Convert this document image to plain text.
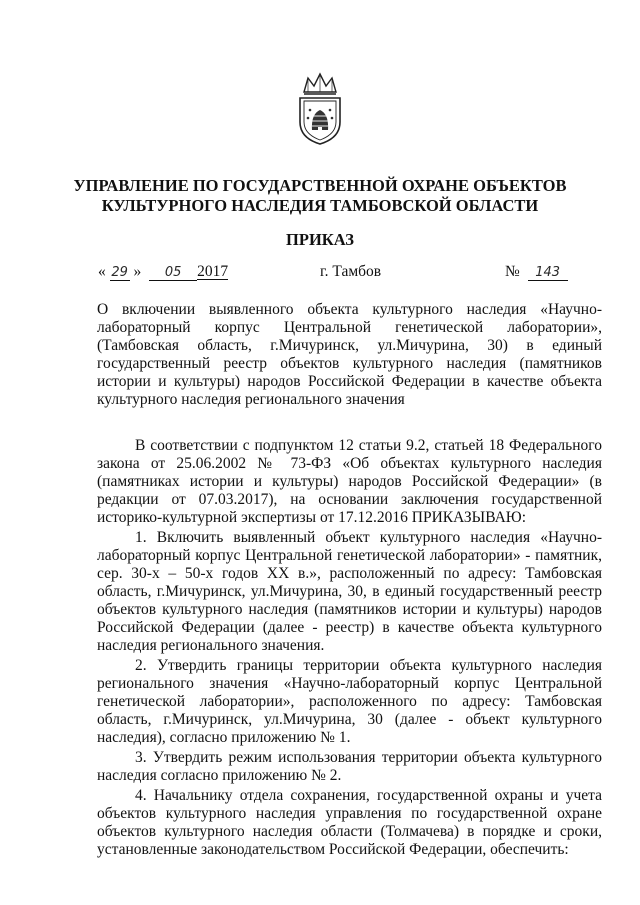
УПРАВЛЕНИЕ ПО ГОСУДАРСТВЕННОЙ ОХРАНЕ ОБЪЕКТОВ
КУЛЬТУРНОГО НАСЛЕДИЯ ТАМБОВСКОЙ ОБЛАСТИ
ПРИКАЗ
« 29 » 05 2017	г. Тамбов	№ 143

О включении выявленного объекта культурного наследия «Научно-лабораторный корпус Центральной генетической лаборатории», (Тамбовская область, г.Мичуринск, ул.Мичурина, 30) в единый государственный реестр объектов культурного наследия (памятников истории и культуры) народов Российской Федерации в качестве объекта культурного наследия регионального значения

В соответствии с подпунктом 12 статьи 9.2, статьей 18 Федерального закона от 25.06.2002 № 73-ФЗ «Об объектах культурного наследия (памятниках истории и культуры) народов Российской Федерации» (в редакции от 07.03.2017), на основании заключения государственной историко-культурной экспертизы от 17.12.2016 ПРИКАЗЫВАЮ:

1. Включить выявленный объект культурного наследия «Научно-лабораторный корпус Центральной генетической лаборатории» - памятник, сер. 30-х – 50-х годов XX в.», расположенный по адресу: Тамбовская область, г.Мичуринск, ул.Мичурина, 30, в единый государственный реестр объектов культурного наследия (памятников истории и культуры) народов Российской Федерации (далее - реестр) в качестве объекта культурного наследия регионального значения.

2. Утвердить границы территории объекта культурного наследия регионального значения «Научно-лабораторный корпус Центральной генетической лаборатории», расположенного по адресу: Тамбовская область, г.Мичуринск, ул.Мичурина, 30 (далее - объект культурного наследия), согласно приложению № 1.

3. Утвердить режим использования территории объекта культурного наследия согласно приложению № 2.

4. Начальнику отдела сохранения, государственной охраны и учета объектов культурного наследия управления по государственной охране объектов культурного наследия области (Толмачева) в порядке и сроки, установленные законодательством Российской Федерации, обеспечить:
